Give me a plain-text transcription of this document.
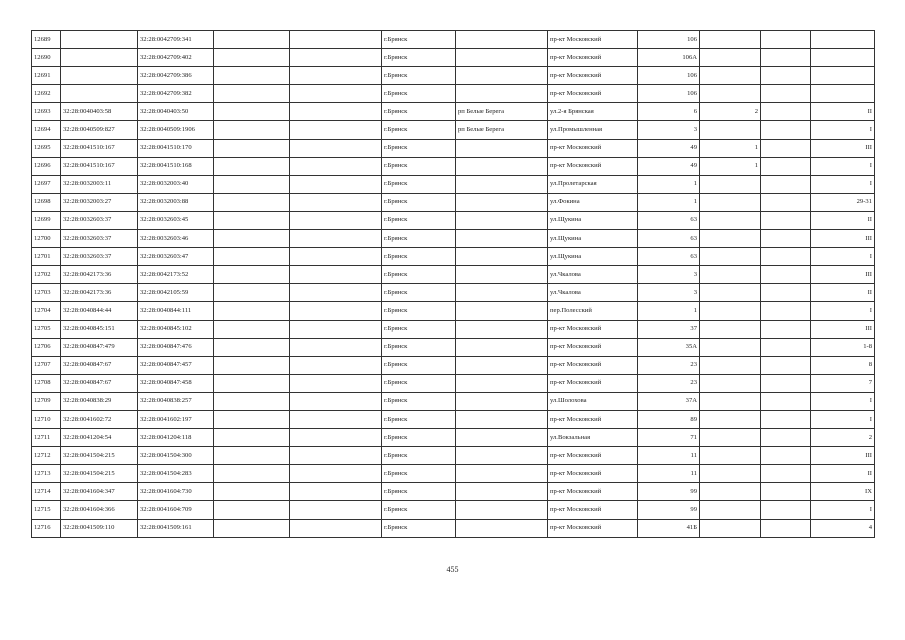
12689		32:28:0042709:341			г.Брянск		пр-кт Московский	106			
12690		32:28:0042709:402			г.Брянск		пр-кт Московский	106А			
12691		32:28:0042709:386			г.Брянск		пр-кт Московский	106			
12692		32:28:0042709:382			г.Брянск		пр-кт Московский	106			
12693	32:28:0040403:58	32:28:0040403:50			г.Брянск	рп Белые Берега	ул.2-я Брянская	6	2		II
12694	32:28:0040509:827	32:28:0040509:1906			г.Брянск	рп Белые Берега	ул.Промышленная	3			I
12695	32:28:0041510:167	32:28:0041510:170			г.Брянск		пр-кт Московский	49	1		III
12696	32:28:0041510:167	32:28:0041510:168			г.Брянск		пр-кт Московский	49	1		I
12697	32:28:0032003:11	32:28:0032003:40			г.Брянск		ул.Пролетарская	1			I
12698	32:28:0032003:27	32:28:0032003:88			г.Брянск		ул.Фокина	1			29-31
12699	32:28:0032603:37	32:28:0032603:45			г.Брянск		ул.Щукина	63			II
12700	32:28:0032603:37	32:28:0032603:46			г.Брянск		ул.Щукина	63			III
12701	32:28:0032603:37	32:28:0032603:47			г.Брянск		ул.Щукина	63			I
12702	32:28:0042173:36	32:28:0042173:52			г.Брянск		ул.Чкалова	3			III
12703	32:28:0042173:36	32:28:0042105:59			г.Брянск		ул.Чкалова	3			II
12704	32:28:0040844:44	32:28:0040844:111			г.Брянск		пер.Полесский	1			I
12705	32:28:0040845:151	32:28:0040845:102			г.Брянск		пр-кт Московский	37			III
12706	32:28:0040847:479	32:28:0040847:476			г.Брянск		пр-кт Московский	35А			1-8
12707	32:28:0040847:67	32:28:0040847:457			г.Брянск		пр-кт Московский	23			8
12708	32:28:0040847:67	32:28:0040847:458			г.Брянск		пр-кт Московский	23			7
12709	32:28:0040838:29	32:28:0040838:257			г.Брянск		ул.Шолохова	37А			I
12710	32:28:0041602:72	32:28:0041602:197			г.Брянск		пр-кт Московский	89			I
12711	32:28:0041204:54	32:28:0041204:118			г.Брянск		ул.Вокзальная	71			2
12712	32:28:0041504:215	32:28:0041504:300			г.Брянск		пр-кт Московский	11			III
12713	32:28:0041504:215	32:28:0041504:283			г.Брянск		пр-кт Московский	11			II
12714	32:28:0041604:347	32:28:0041604:730			г.Брянск		пр-кт Московский	99			IX
12715	32:28:0041604:366	32:28:0041604:709			г.Брянск		пр-кт Московский	99			I
12716	32:28:0041509:110	32:28:0041509:161			г.Брянск		пр-кт Московский	41Б			4
455
